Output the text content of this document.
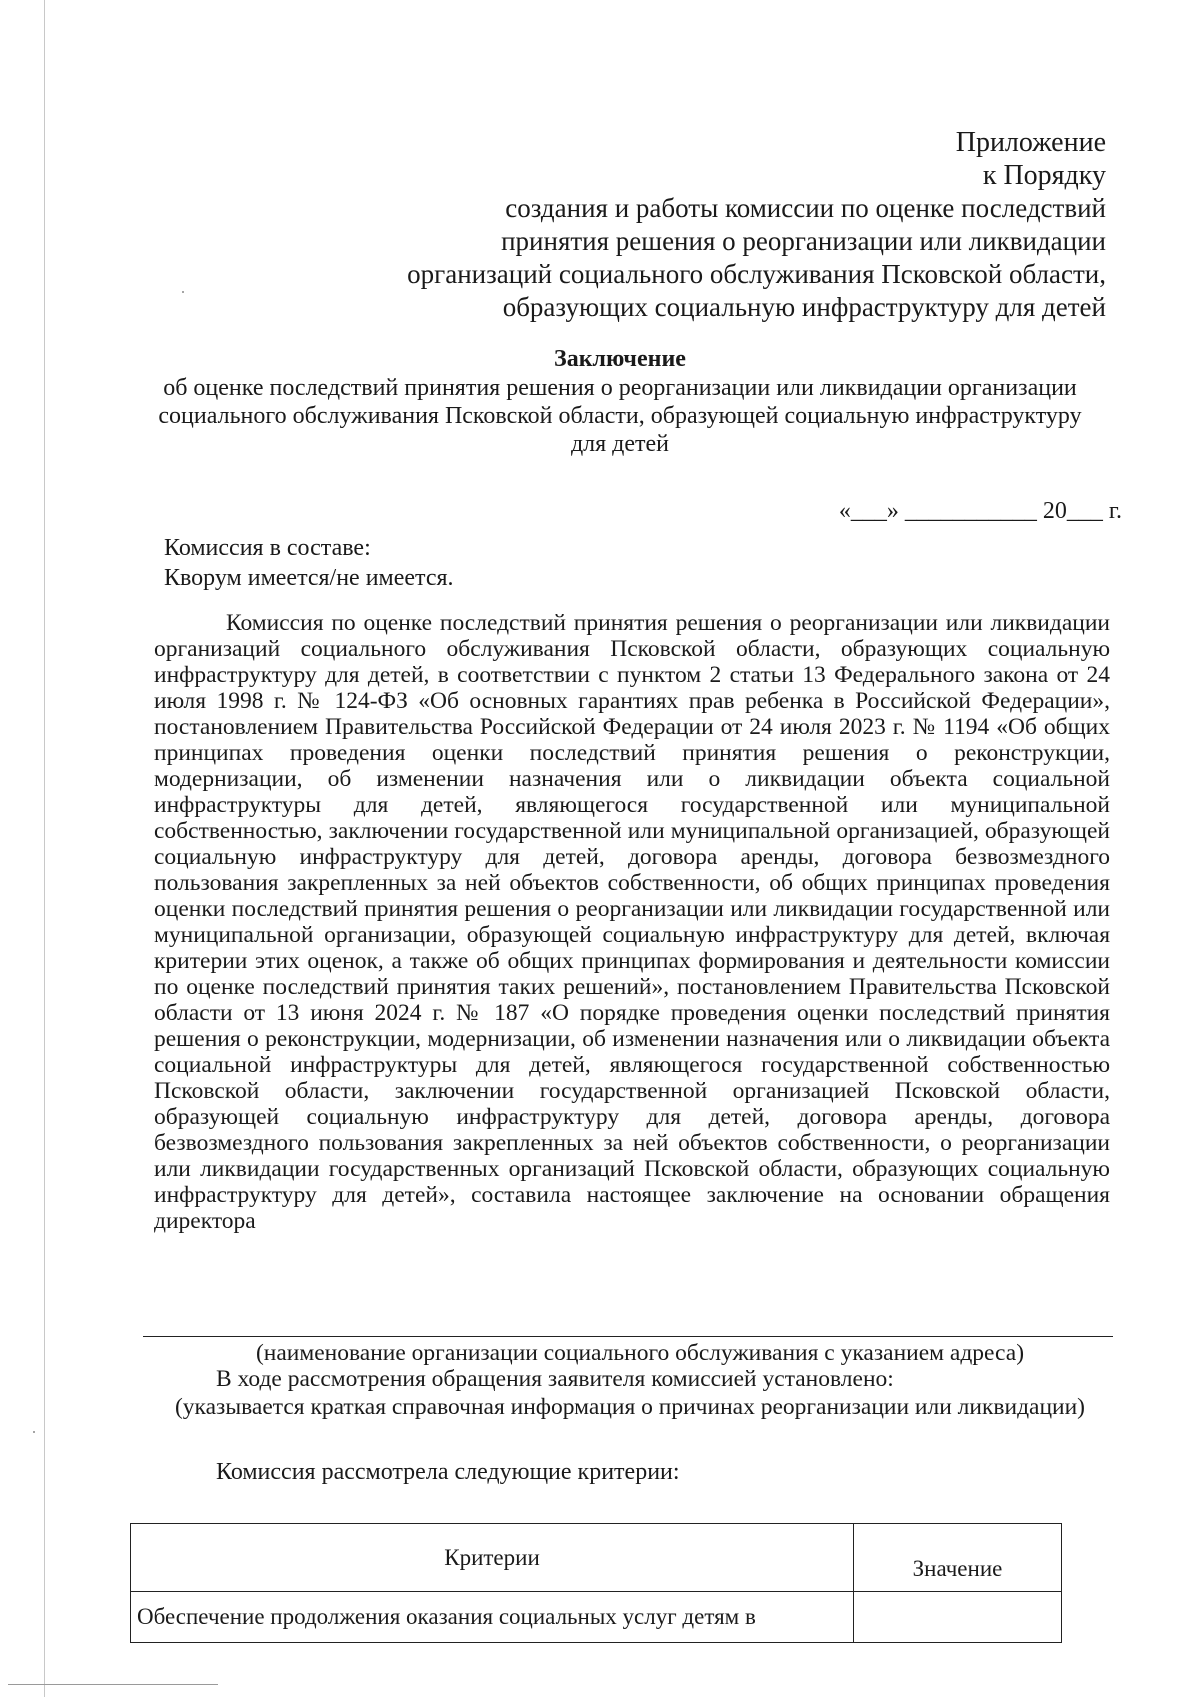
Приложение
к Порядку
создания и работы комиссии по оценке последствий
принятия решения о реорганизации или ликвидации
организаций социального обслуживания Псковской области,
образующих социальную инфраструктуру для детей
Заключение
об оценке последствий принятия решения о реорганизации или ликвидации организации
социального обслуживания Псковской области, образующей социальную инфраструктуру
для детей
«___» ___________ 20___ г.
Комиссия в составе:
Кворум имеется/не имеется.
Комиссия по оценке последствий принятия решения о реорганизации или ликвидации организаций социального обслуживания Псковской области, образующих социальную инфраструктуру для детей, в соответствии с пунктом 2 статьи 13 Федерального закона от 24 июля 1998 г. № 124-ФЗ «Об основных гарантиях прав ребенка в Российской Федерации», постановлением Правительства Российской Федерации от 24 июля 2023 г. № 1194 «Об общих принципах проведения оценки последствий принятия решения о реконструкции, модернизации, об изменении назначения или о ликвидации объекта социальной инфраструктуры для детей, являющегося государственной или муниципальной собственностью, заключении государственной или муниципальной организацией, образующей социальную инфраструктуру для детей, договора аренды, договора безвозмездного пользования закрепленных за ней объектов собственности, об общих принципах проведения оценки последствий принятия решения о реорганизации или ликвидации государственной или муниципальной организации, образующей социальную инфраструктуру для детей, включая критерии этих оценок, а также об общих принципах формирования и деятельности комиссии по оценке последствий принятия таких решений», постановлением Правительства Псковской области от 13 июня 2024 г. № 187 «О порядке проведения оценки последствий принятия решения о реконструкции, модернизации, об изменении назначения или о ликвидации объекта социальной инфраструктуры для детей, являющегося государственной собственностью Псковской области, заключении государственной организацией Псковской области, образующей социальную инфраструктуру для детей, договора аренды, договора безвозмездного пользования закрепленных за ней объектов собственности, о реорганизации или ликвидации государственных организаций Псковской области, образующих социальную инфраструктуру для детей», составила настоящее заключение на основании обращения директора
(наименование организации социального обслуживания с указанием адреса)
В ходе рассмотрения обращения заявителя комиссией установлено:
(указывается краткая справочная информация о причинах реорганизации или ликвидации)
Комиссия рассмотрела следующие критерии:
Критерии	Значение
Обеспечение продолжения оказания социальных услуг детям в	
